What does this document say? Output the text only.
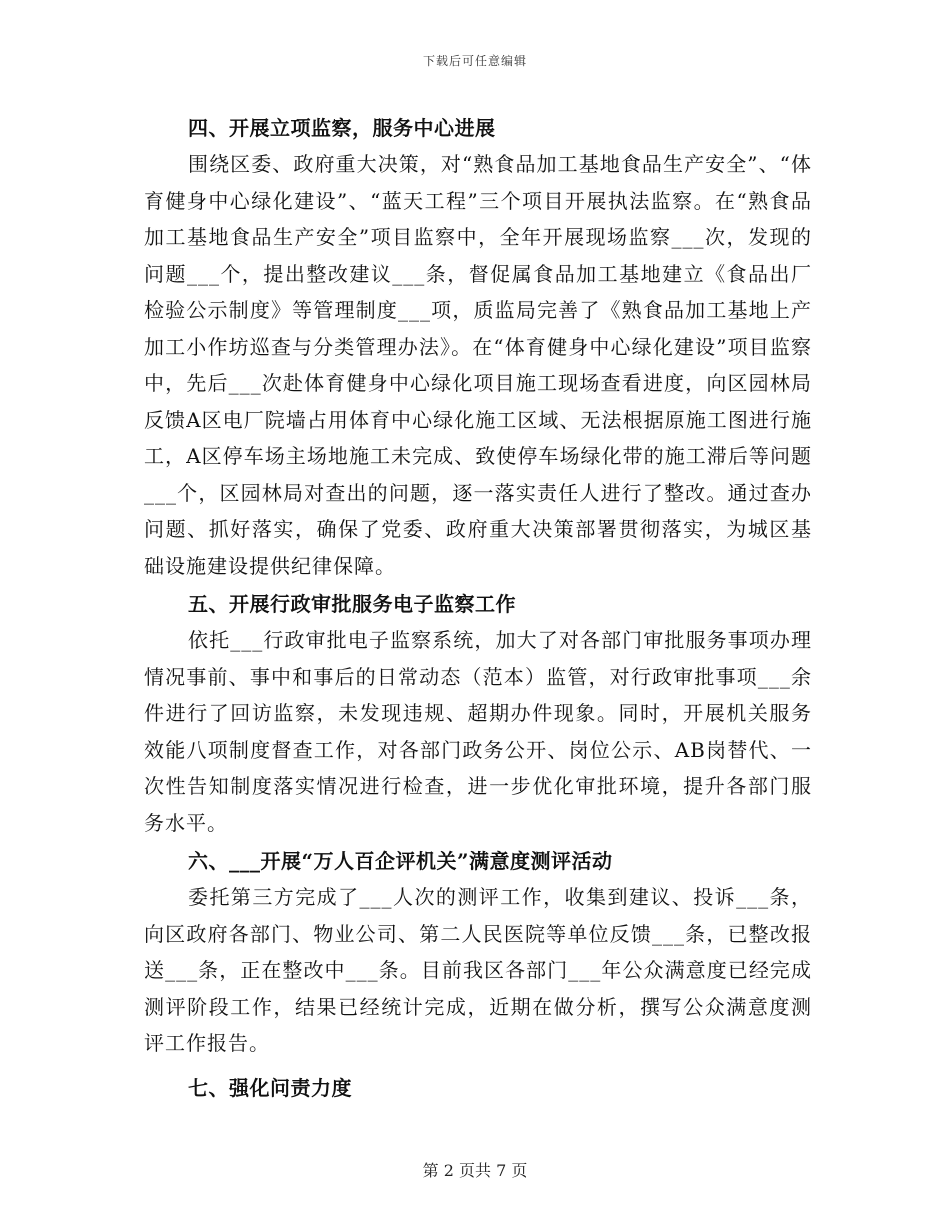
下载后可任意编辑
四、开展立项监察，服务中心进展

围绕区委、政府重大决策，对“熟食品加工基地食品生产安全”、“体育健身中心绿化建设”、“蓝天工程”三个项目开展执法监察。在“熟食品加工基地食品生产安全”项目监察中，全年开展现场监察___次，发现的问题___个，提出整改建议___条，督促属食品加工基地建立《食品出厂检验公示制度》等管理制度___项，质监局完善了《熟食品加工基地上产加工小作坊巡查与分类管理办法》。在“体育健身中心绿化建设”项目监察中，先后___次赴体育健身中心绿化项目施工现场查看进度，向区园林局反馈A区电厂院墙占用体育中心绿化施工区域、无法根据原施工图进行施工，A区停车场主场地施工未完成、致使停车场绿化带的施工滞后等问题___个，区园林局对查出的问题，逐一落实责任人进行了整改。通过查办问题、抓好落实，确保了党委、政府重大决策部署贯彻落实，为城区基础设施建设提供纪律保障。

五、开展行政审批服务电子监察工作

依托___行政审批电子监察系统，加大了对各部门审批服务事项办理情况事前、事中和事后的日常动态（范本）监管，对行政审批事项___余件进行了回访监察，未发现违规、超期办件现象。同时，开展机关服务效能八项制度督查工作，对各部门政务公开、岗位公示、AB岗替代、一次性告知制度落实情况进行检查，进一步优化审批环境，提升各部门服务水平。

六、___开展“万人百企评机关”满意度测评活动

委托第三方完成了___人次的测评工作，收集到建议、投诉___条，向区政府各部门、物业公司、第二人民医院等单位反馈___条，已整改报送___条，正在整改中___条。目前我区各部门___年公众满意度已经完成测评阶段工作，结果已经统计完成，近期在做分析，撰写公众满意度测评工作报告。

七、强化问责力度
第 2 页共 7 页
